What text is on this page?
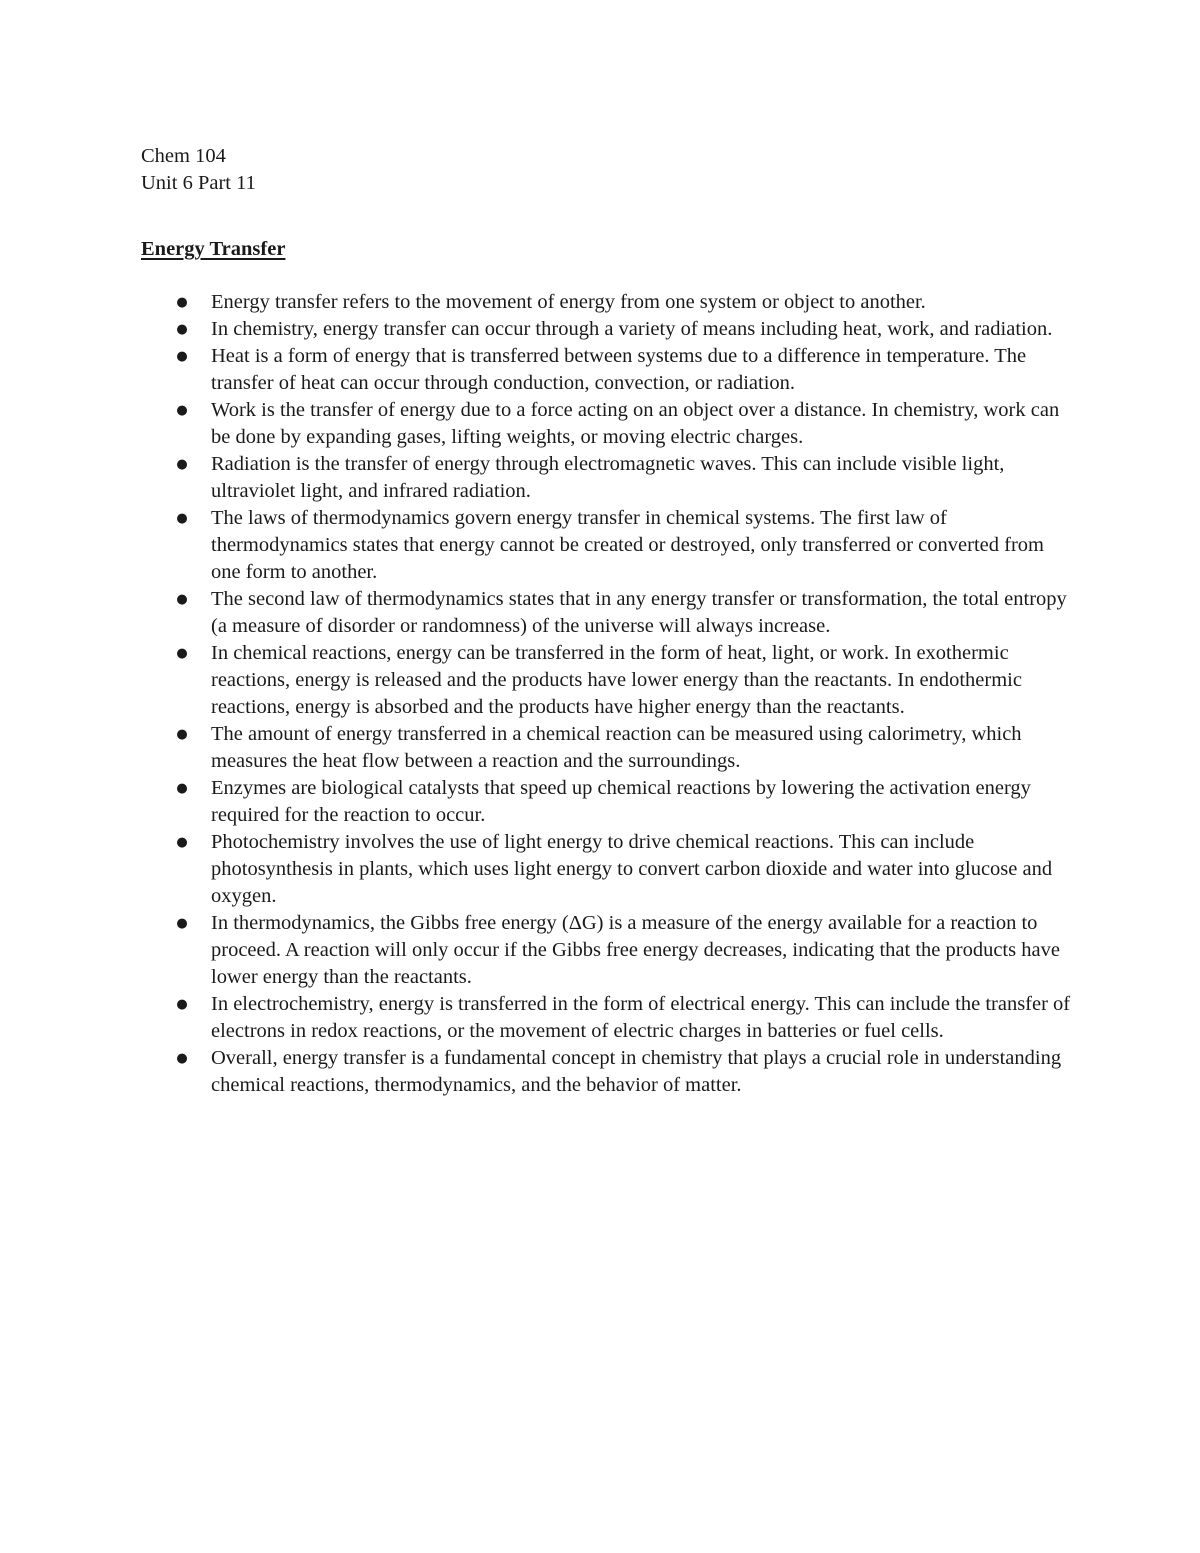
Chem 104
Unit 6 Part 11
Energy Transfer
● Energy transfer refers to the movement of energy from one system or object to another.
● In chemistry, energy transfer can occur through a variety of means including heat, work, and radiation.
● Heat is a form of energy that is transferred between systems due to a difference in temperature. The transfer of heat can occur through conduction, convection, or radiation.
● Work is the transfer of energy due to a force acting on an object over a distance. In chemistry, work can be done by expanding gases, lifting weights, or moving electric charges.
● Radiation is the transfer of energy through electromagnetic waves. This can include visible light, ultraviolet light, and infrared radiation.
● The laws of thermodynamics govern energy transfer in chemical systems. The first law of thermodynamics states that energy cannot be created or destroyed, only transferred or converted from one form to another.
● The second law of thermodynamics states that in any energy transfer or transformation, the total entropy (a measure of disorder or randomness) of the universe will always increase.
● In chemical reactions, energy can be transferred in the form of heat, light, or work. In exothermic reactions, energy is released and the products have lower energy than the reactants. In endothermic reactions, energy is absorbed and the products have higher energy than the reactants.
● The amount of energy transferred in a chemical reaction can be measured using calorimetry, which measures the heat flow between a reaction and the surroundings.
● Enzymes are biological catalysts that speed up chemical reactions by lowering the activation energy required for the reaction to occur.
● Photochemistry involves the use of light energy to drive chemical reactions. This can include photosynthesis in plants, which uses light energy to convert carbon dioxide and water into glucose and oxygen.
● In thermodynamics, the Gibbs free energy (ΔG) is a measure of the energy available for a reaction to proceed. A reaction will only occur if the Gibbs free energy decreases, indicating that the products have lower energy than the reactants.
● In electrochemistry, energy is transferred in the form of electrical energy. This can include the transfer of electrons in redox reactions, or the movement of electric charges in batteries or fuel cells.
● Overall, energy transfer is a fundamental concept in chemistry that plays a crucial role in understanding chemical reactions, thermodynamics, and the behavior of matter.
